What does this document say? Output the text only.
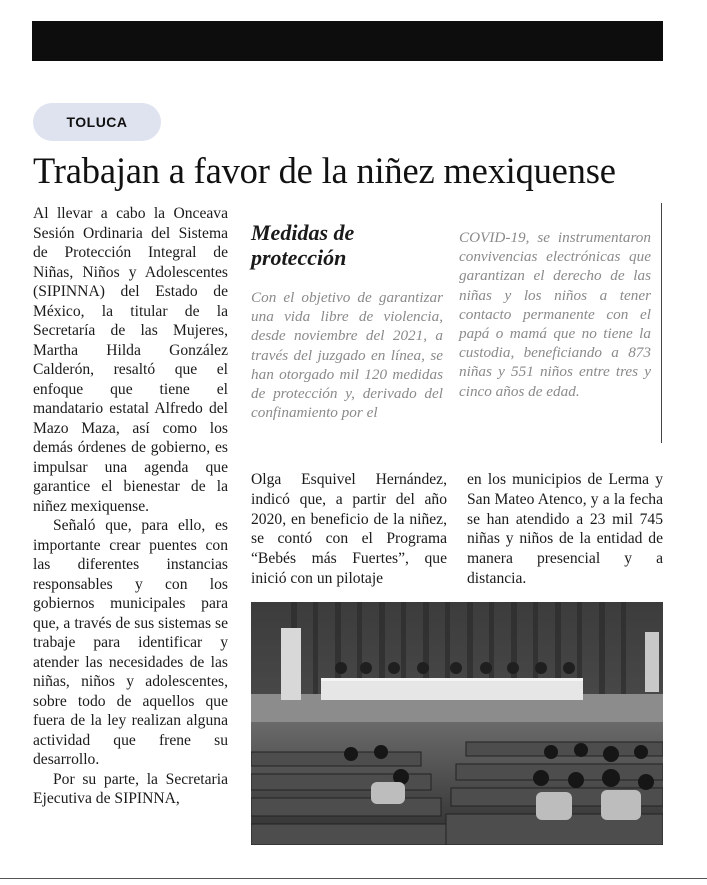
TOLUCA
Trabajan a favor de la niñez mexiquense

Al llevar a cabo la Onceava Sesión Ordinaria del Sistema de Protección Integral de Niñas, Niños y Adolescentes (SIPINNA) del Estado de México, la titular de la Secretaría de las Mujeres, Martha Hilda González Calderón, resaltó que el enfoque que tiene el mandatario estatal Alfredo del Mazo Maza, así como los demás órdenes de gobierno, es impulsar una agenda que garantice el bienestar de la niñez mexiquense.

Señaló que, para ello, es importante crear puentes con las diferentes instancias responsables y con los gobiernos municipales para que, a través de sus sistemas se trabaje para identificar y atender las necesidades de las niñas, niños y adolescentes, sobre todo de aquellos que fuera de la ley realizan alguna actividad que frene su desarrollo.

Por su parte, la Secretaria Ejecutiva de SIPINNA,

Medidas de protección
Con el objetivo de garantizar una vida libre de violencia, desde noviembre del 2021, a través del juzgado en línea, se han otorgado mil 120 medidas de protección y, derivado del confinamiento por el
COVID-19, se instrumentaron convivencias electrónicas que garantizan el derecho de las niñas y los niños a tener contacto permanente con el papá o mamá que no tiene la custodia, beneficiando a 873 niñas y 551 niños entre tres y cinco años de edad.
Olga Esquivel Hernández, indicó que, a partir del año 2020, en beneficio de la niñez, se contó con el Programa “Bebés más Fuertes”, que inició con un pilotaje
en los municipios de Lerma y San Mateo Atenco, y a la fecha se han atendido a 23 mil 745 niñas y niños de la entidad de manera presencial y a distancia.
